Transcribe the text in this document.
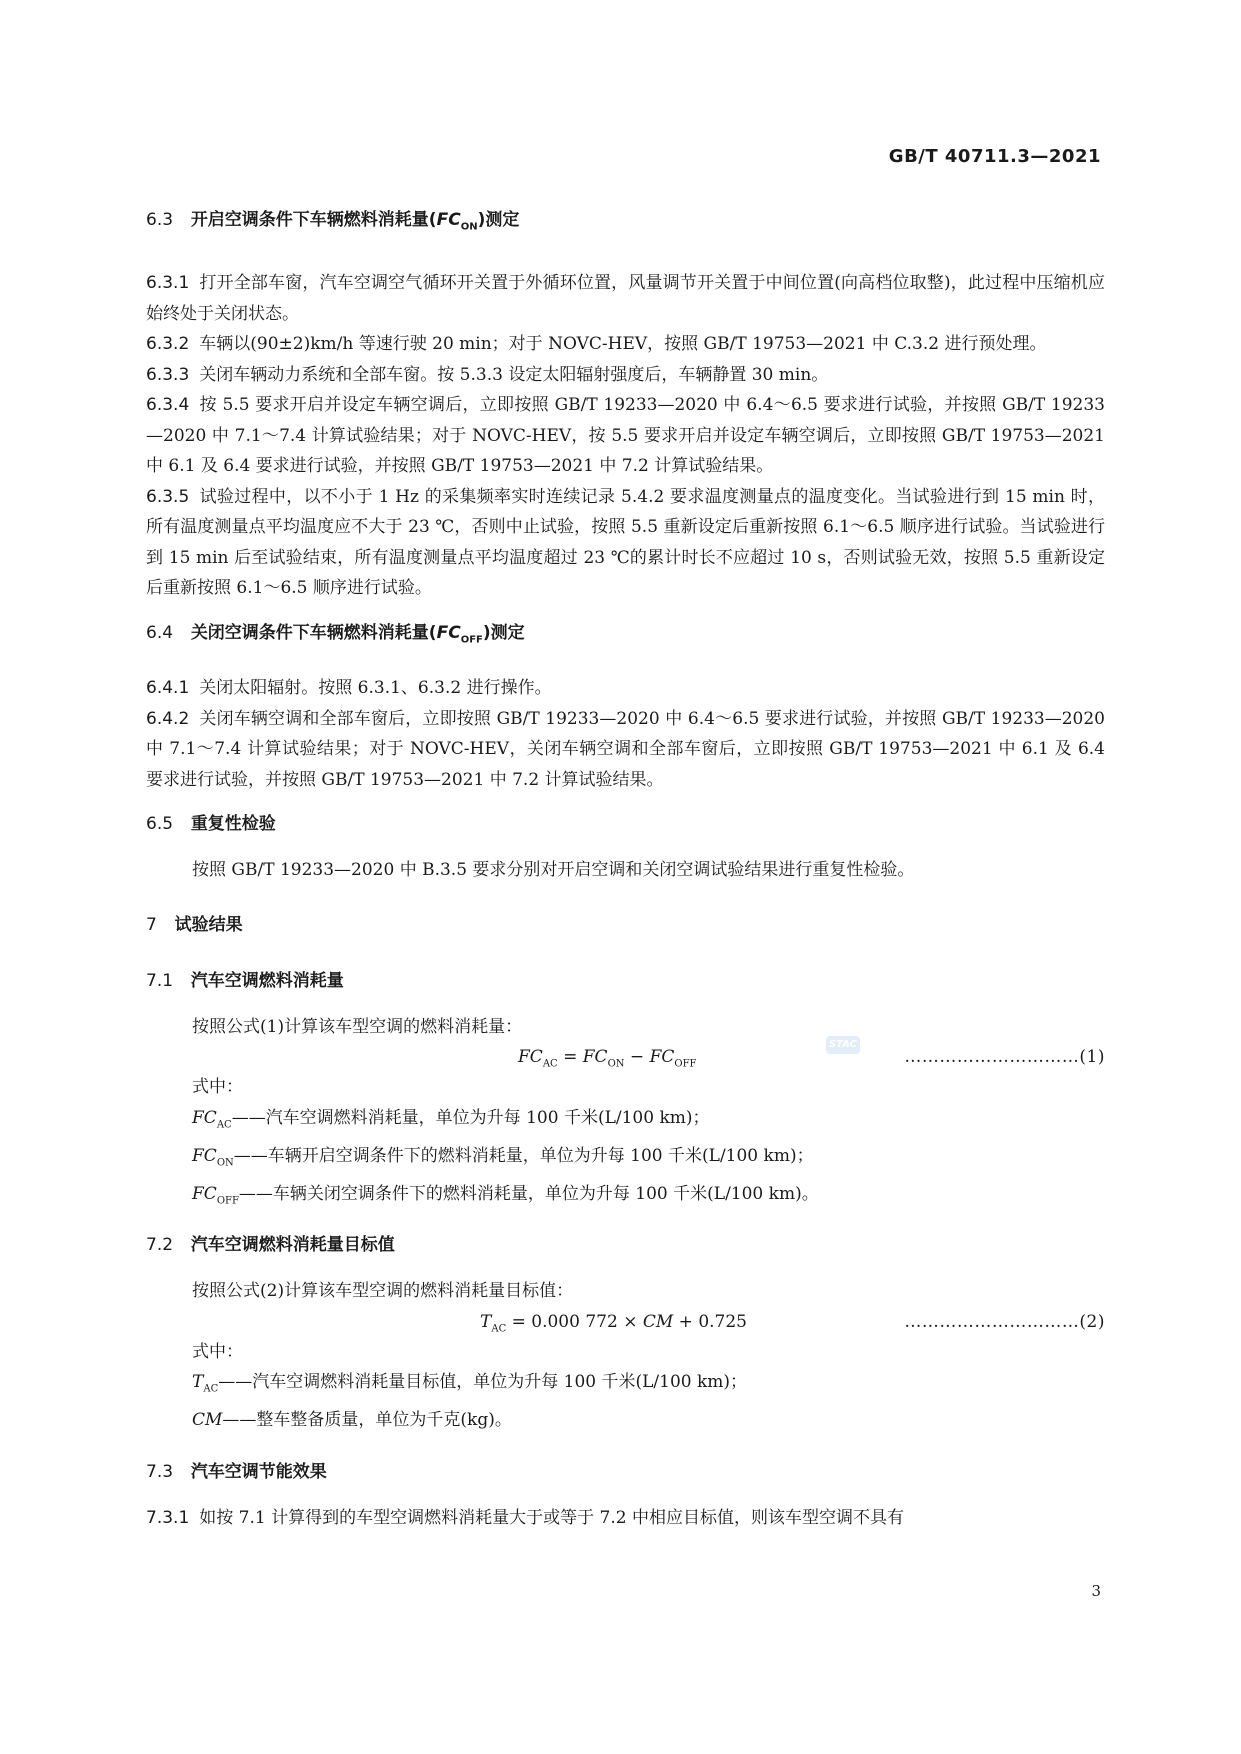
GB/T 40711.3—2021

6.3 开启空调条件下车辆燃料消耗量$(FC_{ON})$测定

6.3.1 打开全部车窗，汽车空调空气循环开关置于外循环位置，风量调节开关置于中间位置(向高档位取整)，此过程中压缩机应始终处于关闭状态。

6.3.2 车辆以(90±2)km/h 等速行驶 20 min；对于 NOVC-HEV，按照 GB/T 19753—2021 中 C.3.2 进行预处理。

6.3.3 关闭车辆动力系统和全部车窗。按 5.3.3 设定太阳辐射强度后，车辆静置 30 min。

6.3.4 按 5.5 要求开启并设定车辆空调后，立即按照 GB/T 19233—2020 中 6.4～6.5 要求进行试验，并按照 GB/T 19233—2020 中 7.1～7.4 计算试验结果；对于 NOVC-HEV，按 5.5 要求开启并设定车辆空调后，立即按照 GB/T 19753—2021 中 6.1 及 6.4 要求进行试验，并按照 GB/T 19753—2021 中 7.2 计算试验结果。

6.3.5 试验过程中，以不小于 1 Hz 的采集频率实时连续记录 5.4.2 要求温度测量点的温度变化。当试验进行到 15 min 时，所有温度测量点平均温度应不大于 23 ℃，否则中止试验，按照 5.5 重新设定后重新按照 6.1～6.5 顺序进行试验。当试验进行到 15 min 后至试验结束，所有温度测量点平均温度超过 23 ℃的累计时长不应超过 10 s，否则试验无效，按照 5.5 重新设定后重新按照 6.1～6.5 顺序进行试验。

6.4 关闭空调条件下车辆燃料消耗量$(FC_{OFF})$测定

6.4.1 关闭太阳辐射。按照 6.3.1、6.3.2 进行操作。

6.4.2 关闭车辆空调和全部车窗后，立即按照 GB/T 19233—2020 中 6.4～6.5 要求进行试验，并按照 GB/T 19233—2020 中 7.1～7.4 计算试验结果；对于 NOVC-HEV，关闭车辆空调和全部车窗后，立即按照 GB/T 19753—2021 中 6.1 及 6.4 要求进行试验，并按照 GB/T 19753—2021 中 7.2 计算试验结果。

6.5 重复性检验

按照 GB/T 19233—2020 中 B.3.5 要求分别对开启空调和关闭空调试验结果进行重复性检验。

7 试验结果

7.1 汽车空调燃料消耗量

按照公式(1)计算该车型空调的燃料消耗量：

$FC_{AC} = FC_{ON} - FC_{OFF}$	…………………………(1)

式中：

$FC_{AC}——$汽车空调燃料消耗量，单位为升每 100 千米(L/100 km)；

$FC_{ON}——$车辆开启空调条件下的燃料消耗量，单位为升每 100 千米(L/100 km)；

$FC_{OFF}——$车辆关闭空调条件下的燃料消耗量，单位为升每 100 千米(L/100 km)。

7.2 汽车空调燃料消耗量目标值

按照公式(2)计算该车型空调的燃料消耗量目标值：

$T_{AC} = 0.000$ 772 × CM + 0.725	…………………………(2)

式中：

$T_{AC}——$汽车空调燃料消耗量目标值，单位为升每 100 千米(L/100 km)；

CM——整车整备质量，单位为千克(kg)。

7.3 汽车空调节能效果

7.3.1 如按 7.1 计算得到的车型空调燃料消耗量大于或等于 7.2 中相应目标值，则该车型空调不具有

STAC
3
